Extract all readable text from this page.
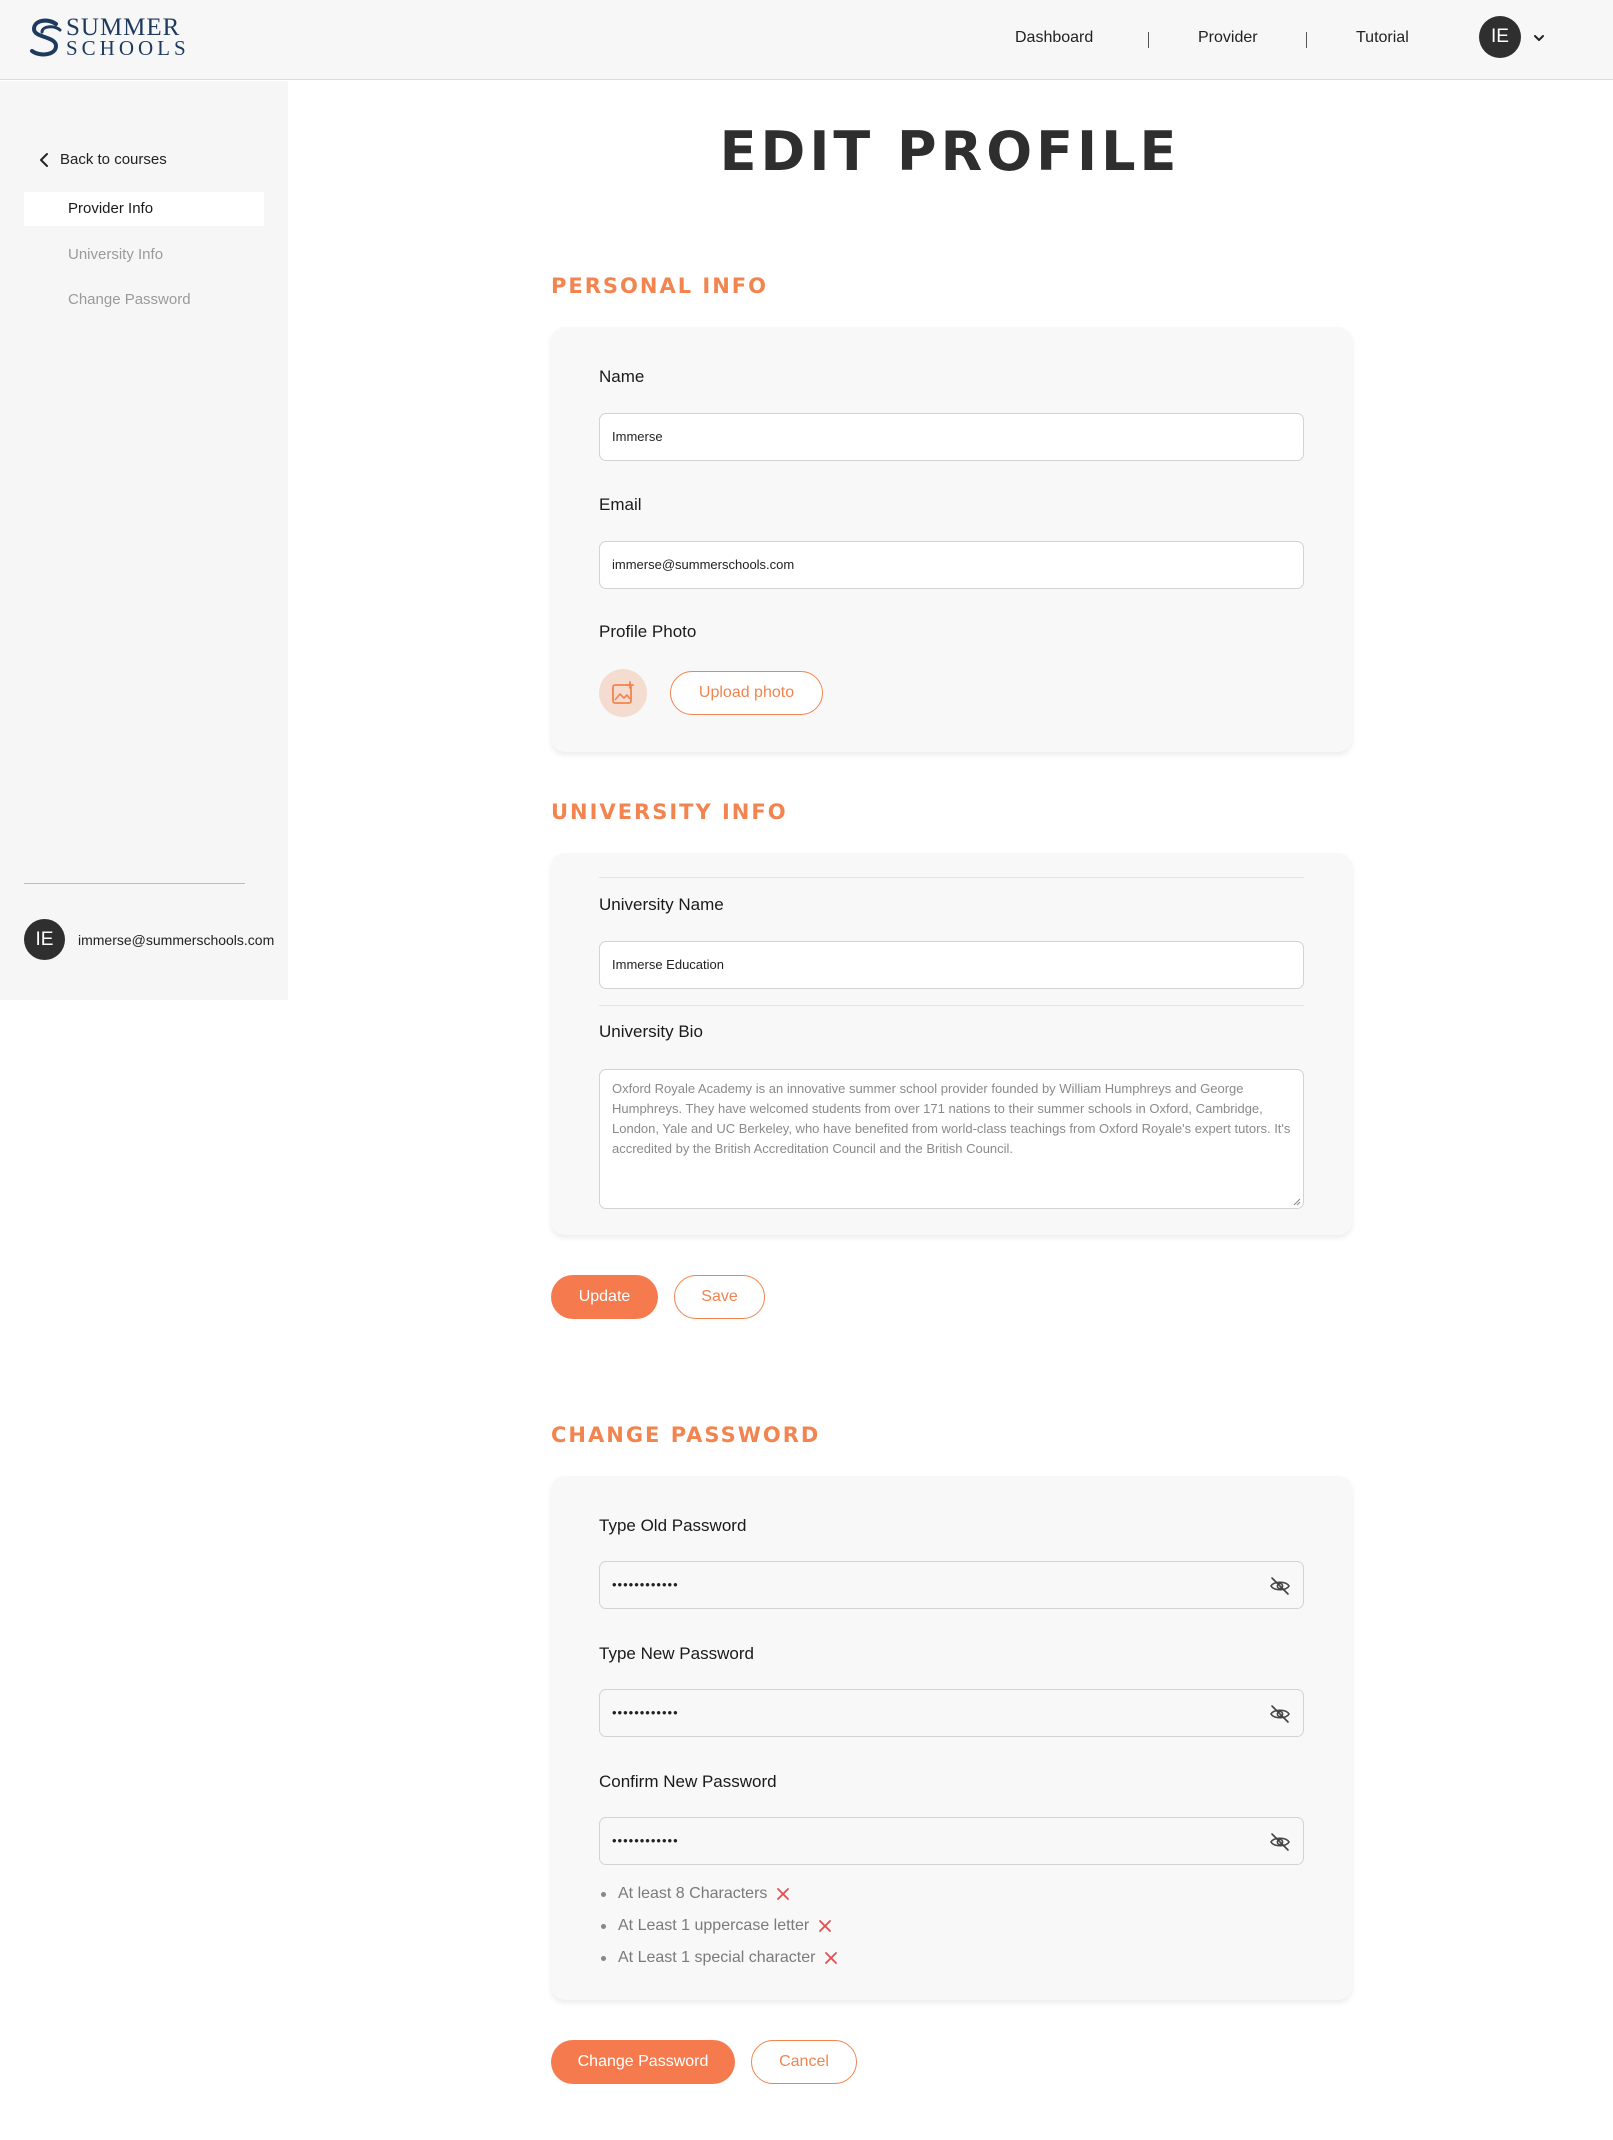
SUMMER
SCHOOLS	Dashboard	Provider	Tutorial	IE
Back to courses
Provider Info
University Info
Change Password
IE	immerse@summerschools.com
EDIT PROFILE
PERSONAL INFO
Name
Immerse
Email
immerse@summerschools.com
Profile Photo
Upload photo
UNIVERSITY INFO
University Name
Immerse Education
University Bio
Oxford Royale Academy is an innovative summer school provider founded by William Humphreys and George Humphreys. They have welcomed students from over 171 nations to their summer schools in Oxford, Cambridge, London, Yale and UC Berkeley, who have benefited from world-class teachings from Oxford Royale's expert tutors. It's accredited by the British Accreditation Council and the British Council.
Update	Save
CHANGE PASSWORD
Type Old Password
••••••••••••
Type New Password
••••••••••••
Confirm New Password
••••••••••••
At least 8 Characters
At Least 1 uppercase letter
At Least 1 special character
Change Password	Cancel
